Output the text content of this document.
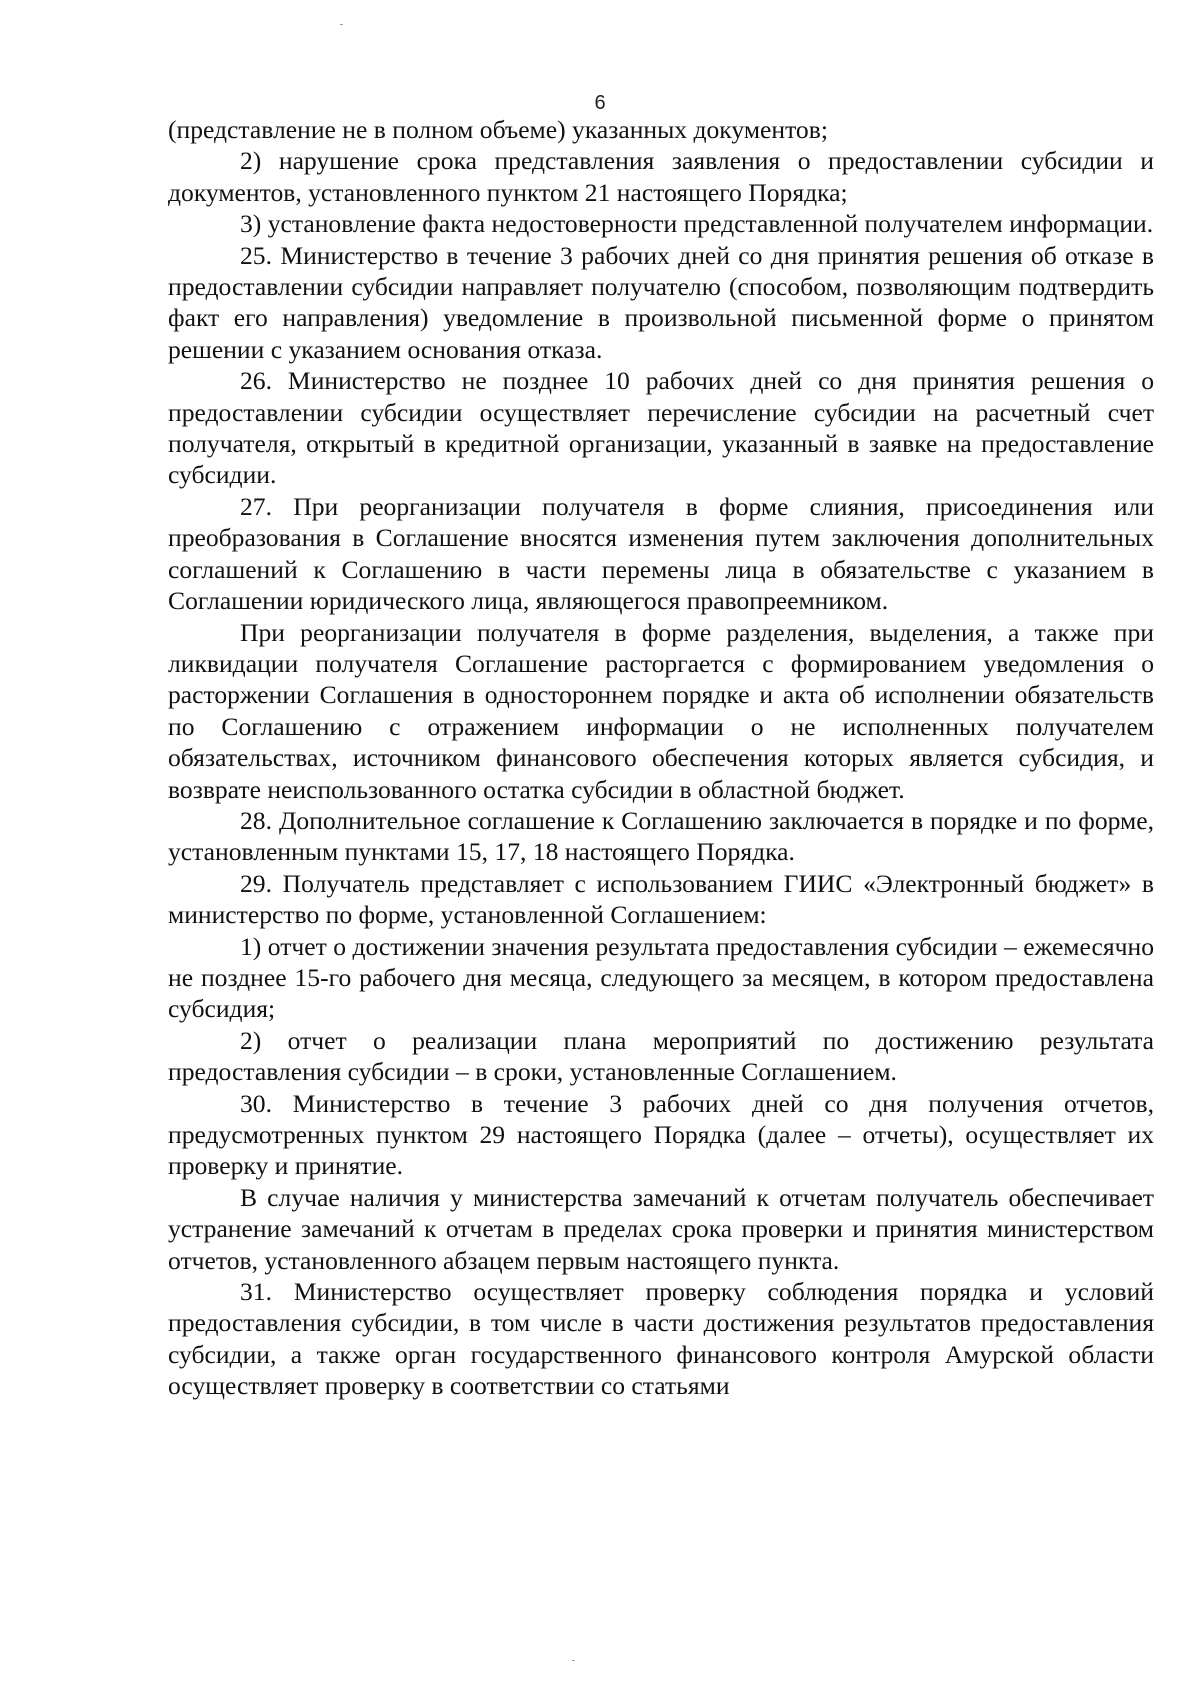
6

(представление не в полном объеме) указанных документов;

2) нарушение срока представления заявления о предоставлении субсидии и документов, установленного пунктом 21 настоящего Порядка;

3) установление факта недостоверности представленной получателем информации.

25. Министерство в течение 3 рабочих дней со дня принятия решения об отказе в предоставлении субсидии направляет получателю (способом, позволяющим подтвердить факт его направления) уведомление в произвольной письменной форме о принятом решении с указанием основания отказа.

26. Министерство не позднее 10 рабочих дней со дня принятия решения о предоставлении субсидии осуществляет перечисление субсидии на расчетный счет получателя, открытый в кредитной организации, указанный в заявке на предоставление субсидии.

27. При реорганизации получателя в форме слияния, присоединения или преобразования в Соглашение вносятся изменения путем заключения дополнительных соглашений к Соглашению в части перемены лица в обязательстве с указанием в Соглашении юридического лица, являющегося правопреемником.

При реорганизации получателя в форме разделения, выделения, а также при ликвидации получателя Соглашение расторгается с формированием уведомления о расторжении Соглашения в одностороннем порядке и акта об исполнении обязательств по Соглашению с отражением информации о не исполненных получателем обязательствах, источником финансового обеспечения которых является субсидия, и возврате неиспользованного остатка субсидии в областной бюджет.

28. Дополнительное соглашение к Соглашению заключается в порядке и по форме, установленным пунктами 15, 17, 18 настоящего Порядка.

29. Получатель представляет с использованием ГИИС «Электронный бюджет» в министерство по форме, установленной Соглашением:

1) отчет о достижении значения результата предоставления субсидии – ежемесячно не позднее 15-го рабочего дня месяца, следующего за месяцем, в котором предоставлена субсидия;

2) отчет о реализации плана мероприятий по достижению результата предоставления субсидии – в сроки, установленные Соглашением.

30. Министерство в течение 3 рабочих дней со дня получения отчетов, предусмотренных пунктом 29 настоящего Порядка (далее – отчеты), осуществляет их проверку и принятие.

В случае наличия у министерства замечаний к отчетам получатель обеспечивает устранение замечаний к отчетам в пределах срока проверки и принятия министерством отчетов, установленного абзацем первым настоящего пункта.

31. Министерство осуществляет проверку соблюдения порядка и условий предоставления субсидии, в том числе в части достижения результатов предоставления субсидии, а также орган государственного финансового контроля Амурской области осуществляет проверку в соответствии со статьями
